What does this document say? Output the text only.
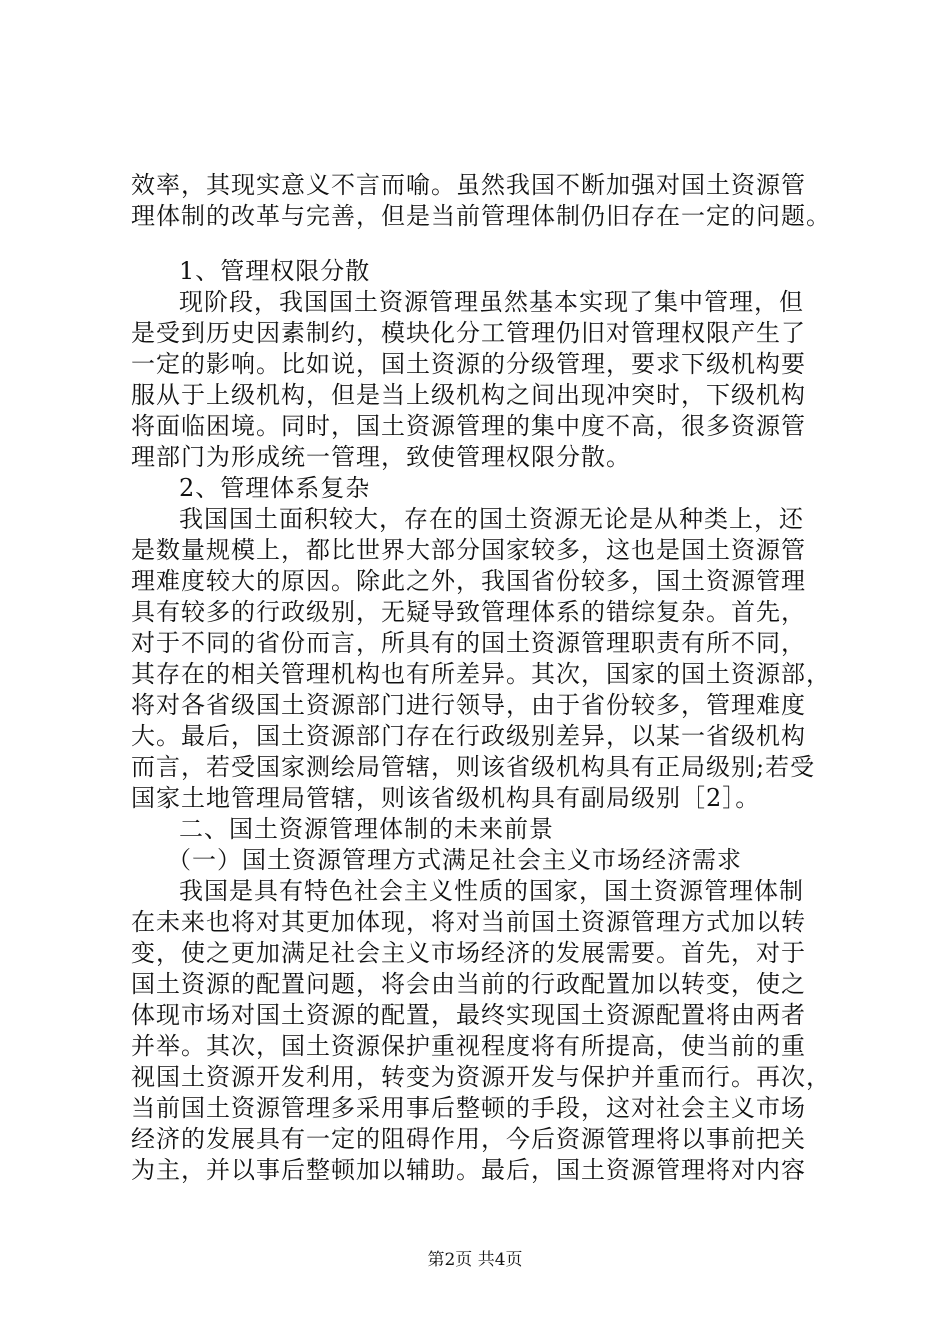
效率，其现实意义不言而喻。虽然我国不断加强对国土资源管
理体制的改革与完善，但是当前管理体制仍旧存在一定的问题。
1、管理权限分散
现阶段，我国国土资源管理虽然基本实现了集中管理，但
是受到历史因素制约，模块化分工管理仍旧对管理权限产生了
一定的影响。比如说，国土资源的分级管理，要求下级机构要
服从于上级机构，但是当上级机构之间出现冲突时，下级机构
将面临困境。同时，国土资源管理的集中度不高，很多资源管
理部门为形成统一管理，致使管理权限分散。
2、管理体系复杂
我国国土面积较大，存在的国土资源无论是从种类上，还
是数量规模上，都比世界大部分国家较多，这也是国土资源管
理难度较大的原因。除此之外，我国省份较多，国土资源管理
具有较多的行政级别，无疑导致管理体系的错综复杂。首先，
对于不同的省份而言，所具有的国土资源管理职责有所不同，
其存在的相关管理机构也有所差异。其次，国家的国土资源部，
将对各省级国土资源部门进行领导，由于省份较多，管理难度
大。最后，国土资源部门存在行政级别差异，以某一省级机构
而言，若受国家测绘局管辖，则该省级机构具有正局级别;若受
国家土地管理局管辖，则该省级机构具有副局级别［2］。
二、国土资源管理体制的未来前景
（一）国土资源管理方式满足社会主义市场经济需求
我国是具有特色社会主义性质的国家，国土资源管理体制
在未来也将对其更加体现，将对当前国土资源管理方式加以转
变，使之更加满足社会主义市场经济的发展需要。首先，对于
国土资源的配置问题，将会由当前的行政配置加以转变，使之
体现市场对国土资源的配置，最终实现国土资源配置将由两者
并举。其次，国土资源保护重视程度将有所提高，使当前的重
视国土资源开发利用，转变为资源开发与保护并重而行。再次，
当前国土资源管理多采用事后整顿的手段，这对社会主义市场
经济的发展具有一定的阻碍作用，今后资源管理将以事前把关
为主，并以事后整顿加以辅助。最后，国土资源管理将对内容
第2页 共4页
